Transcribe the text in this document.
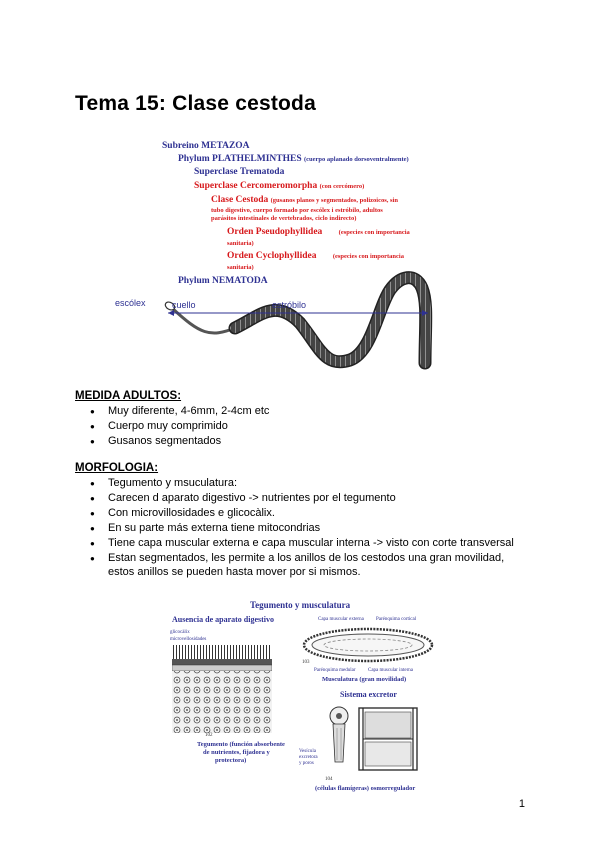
Tema 15: Clase cestoda
Subreino METAZOA
Phylum PLATHELMINTHES (cuerpo aplanado dorsoventralmente)
Superclase Trematoda
Superclase Cercomeromorpha (con cercómero)
Clase Cestoda (gusanos planos y segmentados, polizoicos, sin
tubo digestivo, cuerpo formado por escólex i estróbilo, adultos
parásitos intestinales de vertebrados, ciclo indirecto)
Orden Pseudophyllidea	(especies con importancia
sanitaria)
Orden Cyclophyllidea	(especies con importancia
sanitaria)
Phylum NEMATODA
escólex	cuello	estróbilo
MEDIDA ADULTOS:
● Muy diferente, 4-6mm, 2-4cm etc
● Cuerpo muy comprimido
● Gusanos segmentados
MORFOLOGIA:
● Tegumento y msuculatura:
● Carecen d aparato digestivo -> nutrientes por el tegumento
● Con microvillosidades e glicocàlix.
● En su parte más externa tiene mitocondrias
● Tiene capa muscular externa e capa muscular interna -> visto con corte transversal
● Estan segmentados, les permite a los anillos de los cestodos una gran movilidad,
estos anillos se pueden hasta mover por si mismos.
Tegumento y musculatura
Ausencia de aparato digestivo
glicocàlix
microvellosidades
102
Tegumento (función absorbente
de nutrientes, fijadora y
protectora)
Capa muscular externa Parénquima cortical
103
Parénquima medular Capa muscular interna
Musculatura (gran movilidad)
Sistema excretor
Vesícula
excretora
y poros
104
(células flamígeras) osmorregulador
1
